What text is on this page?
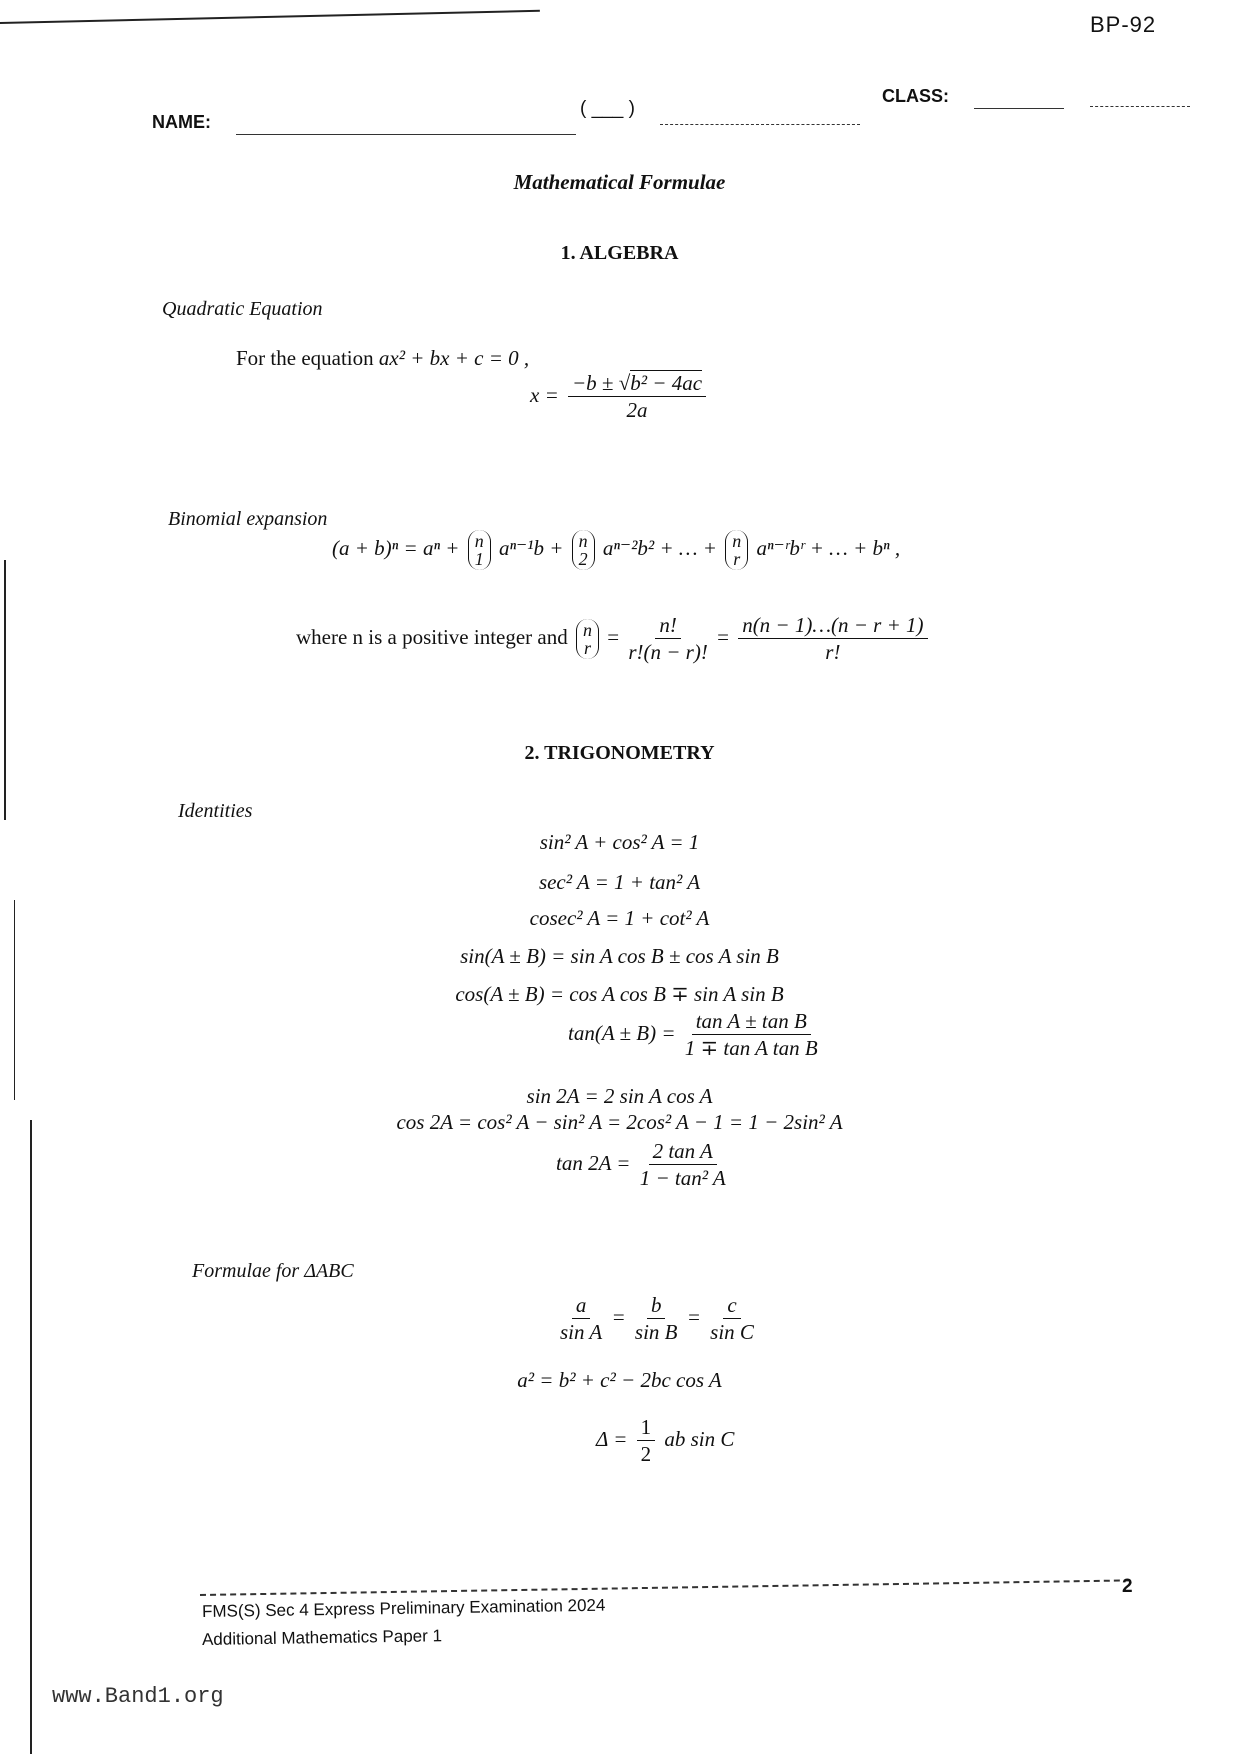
BP-92
NAME:
( ___ )
CLASS:
Mathematical Formulae
1. ALGEBRA
Quadratic Equation
For the equation ax² + bx + c = 0 ,
$x = \frac{\text{−b ± √b² − 4ac}}{2a}$
Binomial expansion
(a + b)ⁿ = aⁿ + n
1 aⁿ⁻¹b + n
2 aⁿ⁻²b² + … + n
r aⁿ⁻ʳbʳ + … + bⁿ ,
where n is a positive integer and n
$r = \frac{n!}{r!(n - r)!} = \frac{n(n - 1)\dots(n - r + 1)}{r!}$
2. TRIGONOMETRY
Identities
sin² A + cos² A = 1
sec² A = 1 + tan² A
cosec² A = 1 + cot² A
sin(A ± B) = sin A cos B ± cos A sin B
cos(A ± B) = cos A cos B ∓ sin A sin B
$\tan(A \pm B) = \frac{\text{tan A ± tan B}}{\text{1 ∓ tan A tan B}}$
sin 2A = 2 sin A cos A
cos 2A = cos² A − sin² A = 2cos² A − 1 = 1 − 2sin² A
$\tan 2A = \frac{\text{2 tan A}}{\text{1 − tan² A}}$
Formulae for ΔABC
$\frac{a}{\text{sin A}} = \frac{b}{\text{sin B}} = \frac{c}{\text{sin C}}$
a² = b² + c² − 2bc cos A
$\Delta = \frac{1}{2}$ ab sin C
FMS(S) Sec 4 Express Preliminary Examination 2024
Additional Mathematics Paper 1
2
www.Band1.org
